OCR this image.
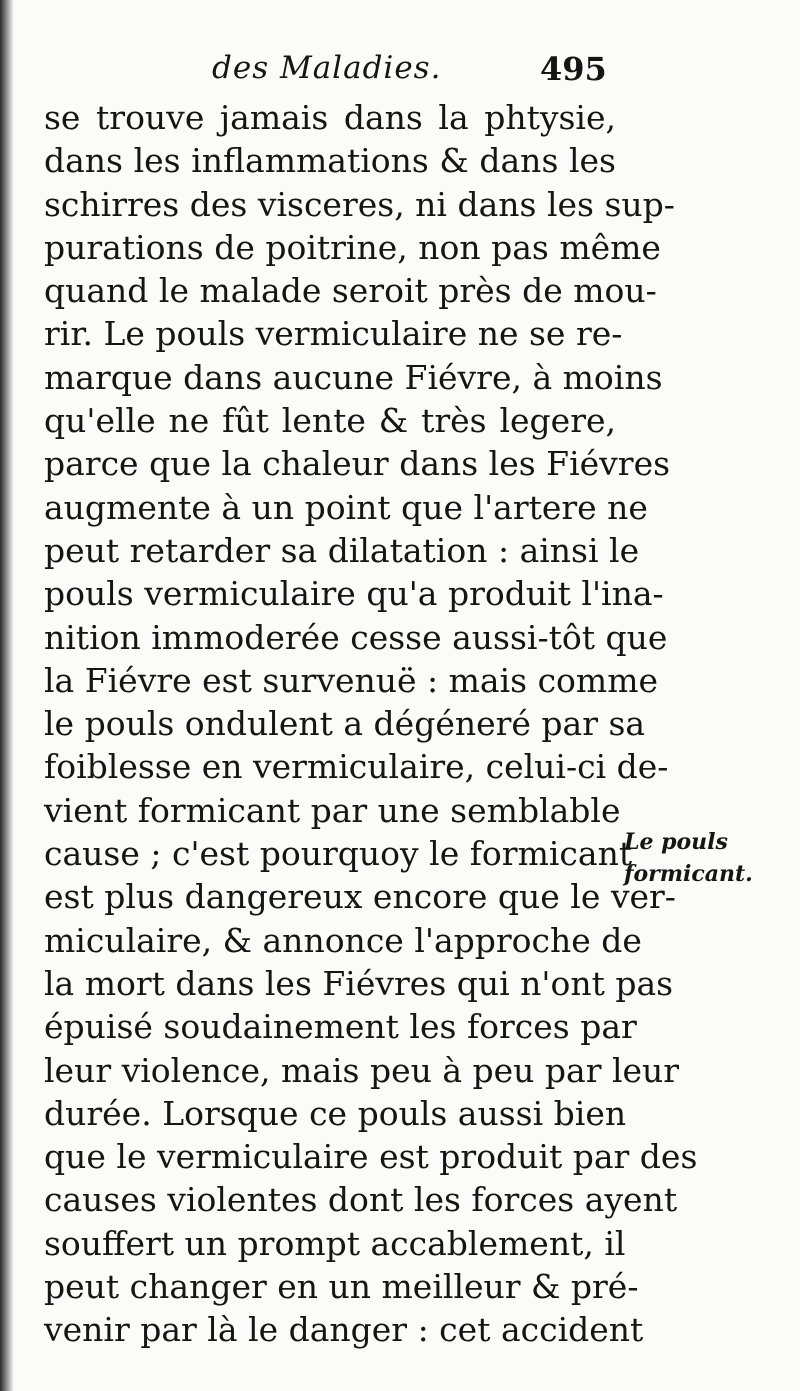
des Maladies.	495
se trouve jamais dans la phtysie,
dans les inflammations & dans les
schirres des visceres, ni dans les sup-
purations de poitrine, non pas même
quand le malade seroit près de mou-
rir. Le pouls vermiculaire ne se re-
marque dans aucune Fiévre, à moins
qu'elle ne fût lente & très legere,
parce que la chaleur dans les Fiévres
augmente à un point que l'artere ne
peut retarder sa dilatation : ainsi le
pouls vermiculaire qu'a produit l'ina-
nition immoderée cesse aussi-tôt que
la Fiévre est survenuë : mais comme
le pouls ondulent a dégéneré par sa
foiblesse en vermiculaire, celui-ci de-
vient formicant par une semblable
cause ; c'est pourquoy le formicant
est plus dangereux encore que le ver-
miculaire, & annonce l'approche de
la mort dans les Fiévres qui n'ont pas
épuisé soudainement les forces par
leur violence, mais peu à peu par leur
durée. Lorsque ce pouls aussi bien
que le vermiculaire est produit par des
causes violentes dont les forces ayent
souffert un prompt accablement, il
peut changer en un meilleur & pré-
venir par là le danger : cet accident
Le pouls
formicant.
